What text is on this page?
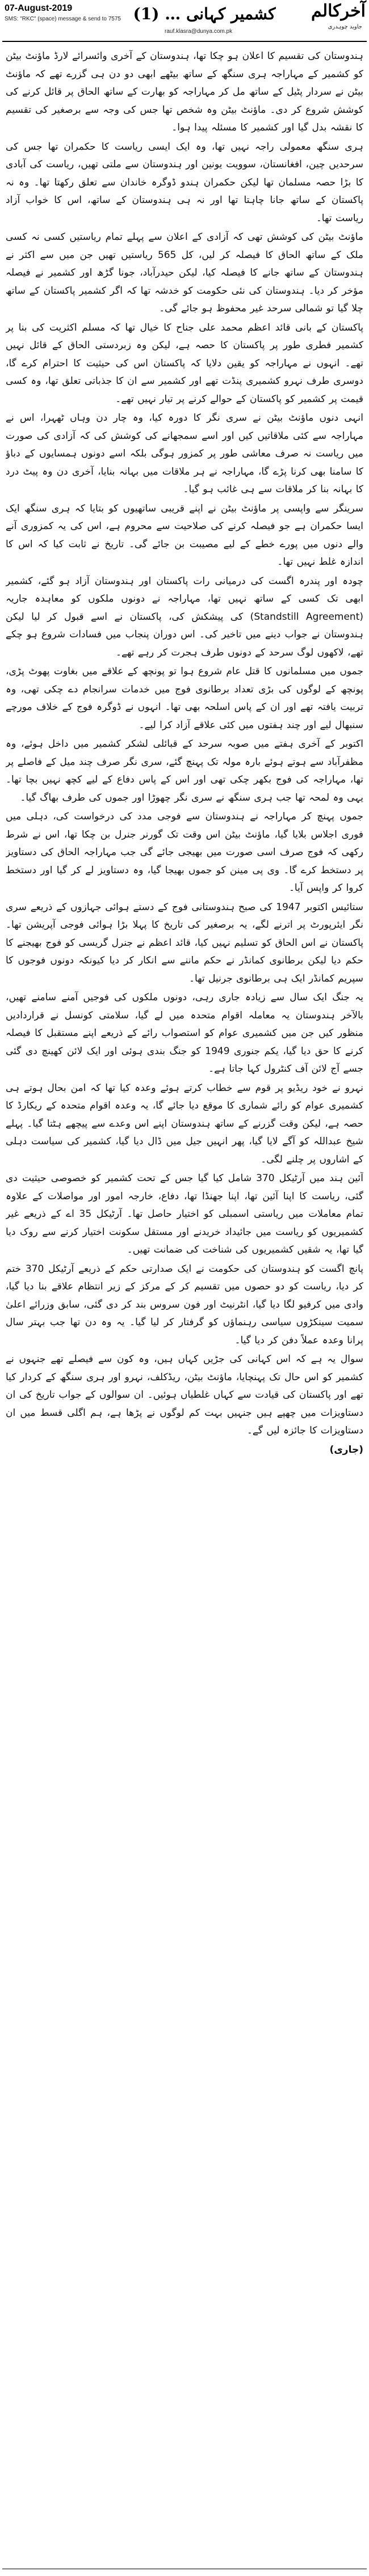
07-August-2019
SMS: "RKC" (space) message & send to 7575
rauf.klasra@dunya.com.pk
کشمیر کہانی … (1)	آخرکالم
جاوید چوہدری

ہندوستان کی تقسیم کا اعلان ہو چکا تھا، ہندوستان کے آخری وائسرائے لارڈ ماؤنٹ بیٹن کو کشمیر کے مہاراجہ ہری سنگھ کے ساتھ بیٹھے ابھی دو دن ہی گزرے تھے کہ ماؤنٹ بیٹن نے سردار پٹیل کے ساتھ مل کر مہاراجہ کو بھارت کے ساتھ الحاق پر قائل کرنے کی کوشش شروع کر دی۔ ماؤنٹ بیٹن وہ شخص تھا جس کی وجہ سے برصغیر کی تقسیم کا نقشہ بدل گیا اور کشمیر کا مسئلہ پیدا ہوا۔

ہری سنگھ معمولی راجہ نہیں تھا، وہ ایک ایسی ریاست کا حکمران تھا جس کی سرحدیں چین، افغانستان، سوویت یونین اور ہندوستان سے ملتی تھیں، ریاست کی آبادی کا بڑا حصہ مسلمان تھا لیکن حکمران ہندو ڈوگرہ خاندان سے تعلق رکھتا تھا۔ وہ نہ پاکستان کے ساتھ جانا چاہتا تھا اور نہ ہی ہندوستان کے ساتھ، اس کا خواب آزاد ریاست تھا۔

ماؤنٹ بیٹن کی کوشش تھی کہ آزادی کے اعلان سے پہلے تمام ریاستیں کسی نہ کسی ملک کے ساتھ الحاق کا فیصلہ کر لیں، کل 565 ریاستیں تھیں جن میں سے اکثر نے ہندوستان کے ساتھ جانے کا فیصلہ کیا، لیکن حیدرآباد، جونا گڑھ اور کشمیر نے فیصلہ مؤخر کر دیا۔ ہندوستان کی نئی حکومت کو خدشہ تھا کہ اگر کشمیر پاکستان کے ساتھ چلا گیا تو شمالی سرحد غیر محفوظ ہو جائے گی۔

پاکستان کے بانی قائد اعظم محمد علی جناح کا خیال تھا کہ مسلم اکثریت کی بنا پر کشمیر فطری طور پر پاکستان کا حصہ ہے، لیکن وہ زبردستی الحاق کے قائل نہیں تھے۔ انہوں نے مہاراجہ کو یقین دلایا کہ پاکستان اس کی حیثیت کا احترام کرے گا، دوسری طرف نہرو کشمیری پنڈت تھے اور کشمیر سے ان کا جذباتی تعلق تھا، وہ کسی قیمت پر کشمیر کو پاکستان کے حوالے کرنے پر تیار نہیں تھے۔

انہی دنوں ماؤنٹ بیٹن نے سری نگر کا دورہ کیا، وہ چار دن وہاں ٹھہرا، اس نے مہاراجہ سے کئی ملاقاتیں کیں اور اسے سمجھانے کی کوشش کی کہ آزادی کی صورت میں ریاست نہ صرف معاشی طور پر کمزور ہوگی بلکہ اسے دونوں ہمسایوں کے دباؤ کا سامنا بھی کرنا پڑے گا، مہاراجہ نے ہر ملاقات میں بہانہ بنایا، آخری دن وہ پیٹ درد کا بہانہ بنا کر ملاقات سے ہی غائب ہو گیا۔

سرینگر سے واپسی پر ماؤنٹ بیٹن نے اپنے قریبی ساتھیوں کو بتایا کہ ہری سنگھ ایک ایسا حکمران ہے جو فیصلہ کرنے کی صلاحیت سے محروم ہے، اس کی یہ کمزوری آنے والے دنوں میں پورے خطے کے لیے مصیبت بن جائے گی۔ تاریخ نے ثابت کیا کہ اس کا اندازہ غلط نہیں تھا۔

چودہ اور پندرہ اگست کی درمیانی رات پاکستان اور ہندوستان آزاد ہو گئے، کشمیر ابھی تک کسی کے ساتھ نہیں تھا، مہاراجہ نے دونوں ملکوں کو معاہدہ جاریہ (Standstill Agreement) کی پیشکش کی، پاکستان نے اسے قبول کر لیا لیکن ہندوستان نے جواب دینے میں تاخیر کی۔ اس دوران پنجاب میں فسادات شروع ہو چکے تھے، لاکھوں لوگ سرحد کے دونوں طرف ہجرت کر رہے تھے۔

جموں میں مسلمانوں کا قتل عام شروع ہوا تو پونچھ کے علاقے میں بغاوت پھوٹ پڑی، پونچھ کے لوگوں کی بڑی تعداد برطانوی فوج میں خدمات سرانجام دے چکی تھی، وہ تربیت یافتہ تھے اور ان کے پاس اسلحہ بھی تھا۔ انہوں نے ڈوگرہ فوج کے خلاف مورچے سنبھال لیے اور چند ہفتوں میں کئی علاقے آزاد کرا لیے۔

اکتوبر کے آخری ہفتے میں صوبہ سرحد کے قبائلی لشکر کشمیر میں داخل ہوئے، وہ مظفرآباد سے ہوتے ہوئے بارہ مولہ تک پہنچ گئے، سری نگر صرف چند میل کے فاصلے پر تھا، مہاراجہ کی فوج بکھر چکی تھی اور اس کے پاس دفاع کے لیے کچھ نہیں بچا تھا۔ یہی وہ لمحہ تھا جب ہری سنگھ نے سری نگر چھوڑا اور جموں کی طرف بھاگ گیا۔

جموں پہنچ کر مہاراجہ نے ہندوستان سے فوجی مدد کی درخواست کی، دہلی میں فوری اجلاس بلایا گیا، ماؤنٹ بیٹن اس وقت تک گورنر جنرل بن چکا تھا، اس نے شرط رکھی کہ فوج صرف اسی صورت میں بھیجی جائے گی جب مہاراجہ الحاق کی دستاویز پر دستخط کرے گا۔ وی پی مینن کو جموں بھیجا گیا، وہ دستاویز لے کر گیا اور دستخط کروا کر واپس آیا۔

ستائیس اکتوبر 1947 کی صبح ہندوستانی فوج کے دستے ہوائی جہازوں کے ذریعے سری نگر ایئرپورٹ پر اترنے لگے، یہ برصغیر کی تاریخ کا پہلا بڑا ہوائی فوجی آپریشن تھا۔ پاکستان نے اس الحاق کو تسلیم نہیں کیا، قائد اعظم نے جنرل گریسی کو فوج بھیجنے کا حکم دیا لیکن برطانوی کمانڈر نے حکم ماننے سے انکار کر دیا کیونکہ دونوں فوجوں کا سپریم کمانڈر ایک ہی برطانوی جرنیل تھا۔

یہ جنگ ایک سال سے زیادہ جاری رہی، دونوں ملکوں کی فوجیں آمنے سامنے تھیں، بالآخر ہندوستان یہ معاملہ اقوام متحدہ میں لے گیا، سلامتی کونسل نے قراردادیں منظور کیں جن میں کشمیری عوام کو استصواب رائے کے ذریعے اپنے مستقبل کا فیصلہ کرنے کا حق دیا گیا، یکم جنوری 1949 کو جنگ بندی ہوئی اور ایک لائن کھینچ دی گئی جسے آج لائن آف کنٹرول کہا جاتا ہے۔

نہرو نے خود ریڈیو پر قوم سے خطاب کرتے ہوئے وعدہ کیا تھا کہ امن بحال ہوتے ہی کشمیری عوام کو رائے شماری کا موقع دیا جائے گا، یہ وعدہ اقوام متحدہ کے ریکارڈ کا حصہ ہے، لیکن وقت گزرنے کے ساتھ ہندوستان اپنے اس وعدے سے پیچھے ہٹتا گیا۔ پہلے شیخ عبداللہ کو آگے لایا گیا، پھر انہیں جیل میں ڈال دیا گیا، کشمیر کی سیاست دہلی کے اشاروں پر چلنے لگی۔

آئین ہند میں آرٹیکل 370 شامل کیا گیا جس کے تحت کشمیر کو خصوصی حیثیت دی گئی، ریاست کا اپنا آئین تھا، اپنا جھنڈا تھا، دفاع، خارجہ امور اور مواصلات کے علاوہ تمام معاملات میں ریاستی اسمبلی کو اختیار حاصل تھا۔ آرٹیکل 35 اے کے ذریعے غیر کشمیریوں کو ریاست میں جائیداد خریدنے اور مستقل سکونت اختیار کرنے سے روک دیا گیا تھا، یہ شقیں کشمیریوں کی شناخت کی ضمانت تھیں۔

پانچ اگست کو ہندوستان کی حکومت نے ایک صدارتی حکم کے ذریعے آرٹیکل 370 ختم کر دیا، ریاست کو دو حصوں میں تقسیم کر کے مرکز کے زیر انتظام علاقے بنا دیا گیا، وادی میں کرفیو لگا دیا گیا، انٹرنیٹ اور فون سروس بند کر دی گئی، سابق وزرائے اعلیٰ سمیت سینکڑوں سیاسی رہنماؤں کو گرفتار کر لیا گیا۔ یہ وہ دن تھا جب بہتر سال پرانا وعدہ عملاً دفن کر دیا گیا۔

سوال یہ ہے کہ اس کہانی کی جڑیں کہاں ہیں، وہ کون سے فیصلے تھے جنہوں نے کشمیر کو اس حال تک پہنچایا، ماؤنٹ بیٹن، ریڈکلف، نہرو اور ہری سنگھ کے کردار کیا تھے اور پاکستان کی قیادت سے کہاں غلطیاں ہوئیں۔ ان سوالوں کے جواب تاریخ کی ان دستاویزات میں چھپے ہیں جنہیں بہت کم لوگوں نے پڑھا ہے، ہم اگلی قسط میں ان دستاویزات کا جائزہ لیں گے۔

(جاری)
